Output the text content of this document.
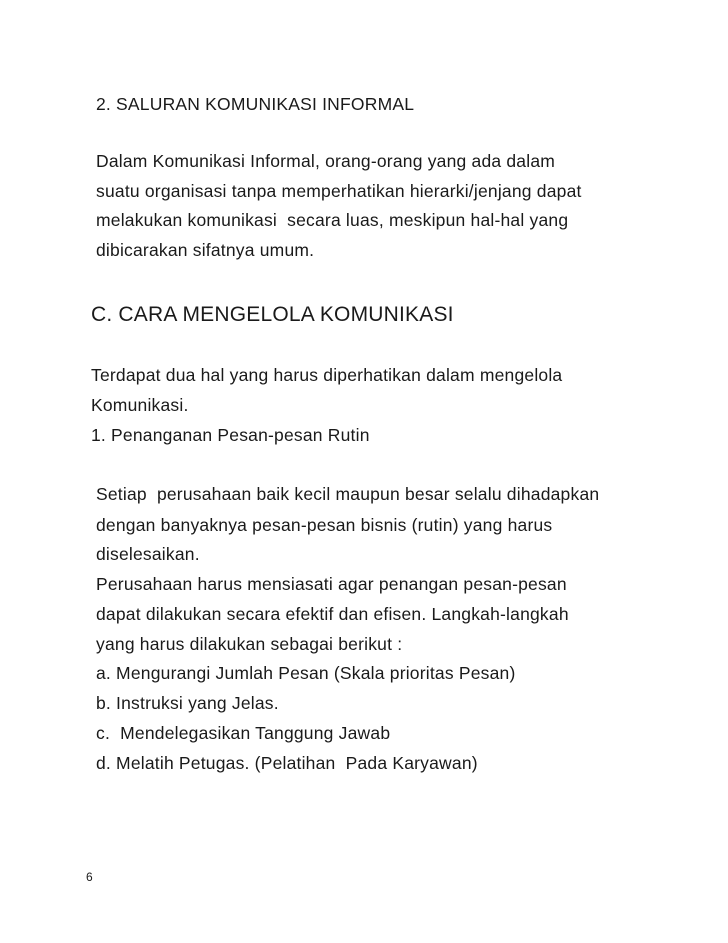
2. SALURAN KOMUNIKASI INFORMAL
Dalam Komunikasi Informal, orang-orang yang ada dalam
suatu organisasi tanpa memperhatikan hierarki/jenjang dapat
melakukan komunikasi  secara luas, meskipun hal-hal yang
dibicarakan sifatnya umum.
C. CARA MENGELOLA KOMUNIKASI
Terdapat dua hal yang harus diperhatikan dalam mengelola
Komunikasi.
1. Penanganan Pesan-pesan Rutin
Setiap  perusahaan baik kecil maupun besar selalu dihadapkan
dengan banyaknya pesan-pesan bisnis (rutin) yang harus
diselesaikan.
Perusahaan harus mensiasati agar penangan pesan-pesan
dapat dilakukan secara efektif dan efisen. Langkah-langkah
yang harus dilakukan sebagai berikut :
a. Mengurangi Jumlah Pesan (Skala prioritas Pesan)
b. Instruksi yang Jelas.
c.  Mendelegasikan Tanggung Jawab
d. Melatih Petugas. (Pelatihan  Pada Karyawan)
6
